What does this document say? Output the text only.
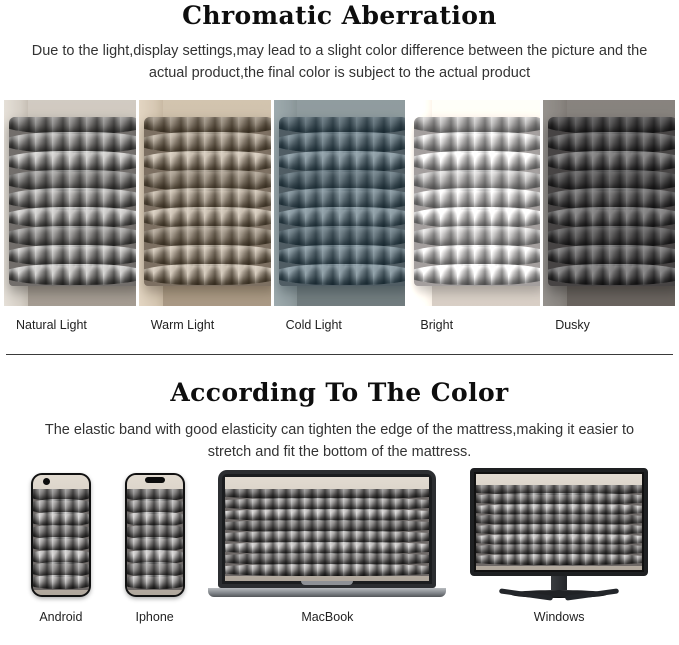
Chromatic Aberration

Due to the light,display settings,may lead to a slight color difference between the picture and the actual product,the final color is subject to the actual product

Natural Light	Warm Light	Cold Light	Bright	Dusky
According To The Color

The elastic band with good elasticity can tighten the edge of the mattress,making it easier to stretch and fit the bottom of the mattress.

Android	Iphone	MacBook	Windows
